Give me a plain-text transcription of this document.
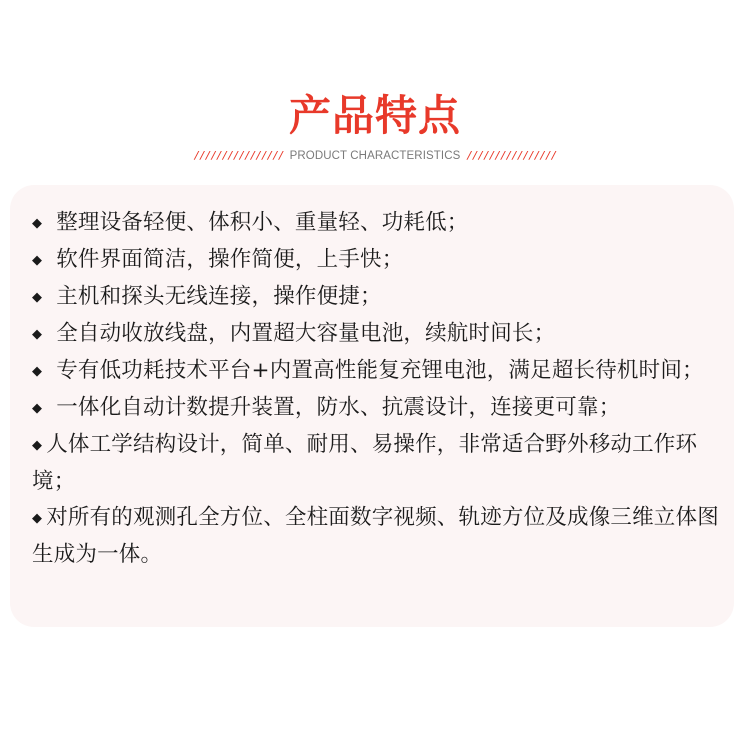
产品特点
//////////////// PRODUCT CHARACTERISTICS ////////////////
◆ 整理设备轻便、体积小、重量轻、功耗低；
◆ 软件界面简洁，操作简便，上手快；
◆ 主机和探头无线连接，操作便捷；
◆ 全自动收放线盘，内置超大容量电池，续航时间长；
◆ 专有低功耗技术平台+内置高性能复充锂电池，满足超长待机时间；
◆ 一体化自动计数提升装置，防水、抗震设计，连接更可靠；
◆ 人体工学结构设计，简单、耐用、易操作，非常适合野外移动工作环境；
◆ 对所有的观测孔全方位、全柱面数字视频、轨迹方位及成像三维立体图生成为一体。
